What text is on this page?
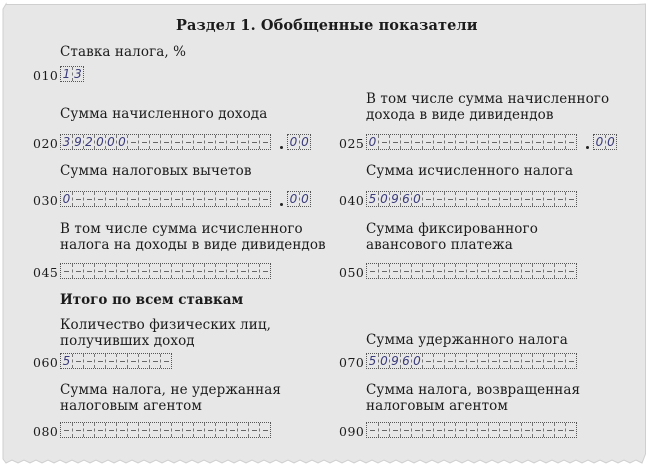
Раздел 1. Обобщенные показатели
Итого по всем ставкам
Ставка налога, %
010 1 3
Сумма начисленного дохода
020 3 9 2 0 0 0	0 0
В том числе сумма начисленного
дохода в виде дивидендов
025 0	0 0
Сумма налоговых вычетов
030 0	0 0
Сумма исчисленного налога
040 5 0 9 6 0
В том числе сумма исчисленного
налога на доходы в виде дивидендов
045
Сумма фиксированного
авансового платежа
050
Количество физических лиц,
получивших доход
060 5
Сумма удержанного налога
070 5 0 9 6 0
Сумма налога, не удержанная
налоговым агентом
080
Сумма налога, возвращенная
налоговым агентом
090
